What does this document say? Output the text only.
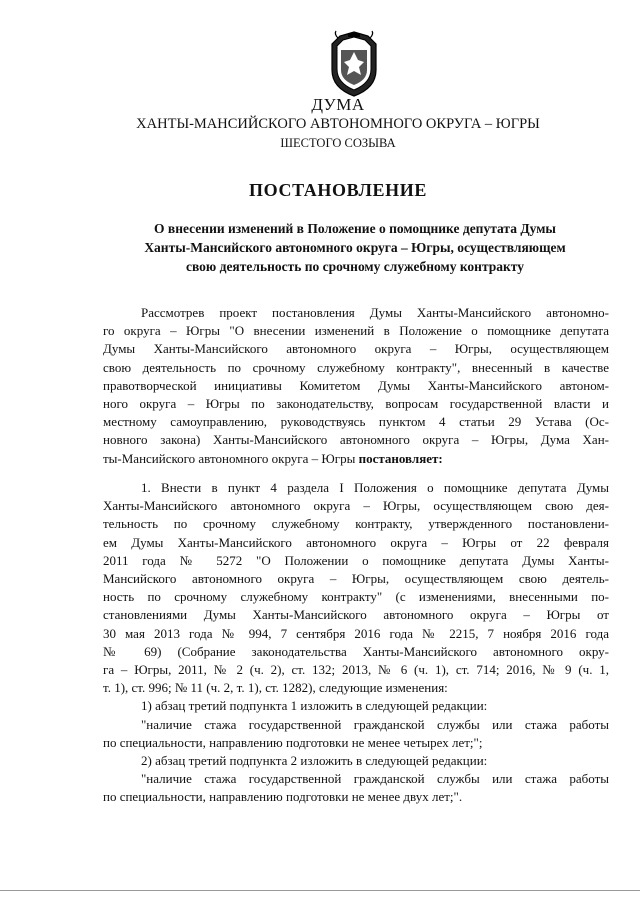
ДУМА
ХАНТЫ-МАНСИЙСКОГО АВТОНОМНОГО ОКРУГА – ЮГРЫ
ШЕСТОГО СОЗЫВА
ПОСТАНОВЛЕНИЕ

О внесении изменений в Положение о помощнике депутата Думы
Ханты-Мансийского автономного округа – Югры, осуществляющем
свою деятельность по срочному служебному контракту

Рассмотрев проект постановления Думы Ханты-Мансийского автономно-
го округа – Югры "О внесении изменений в Положение о помощнике депутата
Думы Ханты-Мансийского автономного округа – Югры, осуществляющем
свою деятельность по срочному служебному контракту", внесенный в качестве
правотворческой инициативы Комитетом Думы Ханты-Мансийского автоном-
ного округа – Югры по законодательству, вопросам государственной власти и
местному самоуправлению, руководствуясь пунктом 4 статьи 29 Устава (Ос-
новного закона) Ханты-Мансийского автономного округа – Югры, Дума Хан-
ты-Мансийского автономного округа – Югры постановляет:

1. Внести в пункт 4 раздела I Положения о помощнике депутата Думы
Ханты-Мансийского автономного округа – Югры, осуществляющем свою дея-
тельность по срочному служебному контракту, утвержденного постановлени-
ем Думы Ханты-Мансийского автономного округа – Югры от 22 февраля
2011 года № 5272 "О Положении о помощнике депутата Думы Ханты-
Мансийского автономного округа – Югры, осуществляющем свою деятель-
ность по срочному служебному контракту" (с изменениями, внесенными по-
становлениями Думы Ханты-Мансийского автономного округа – Югры от
30 мая 2013 года № 994, 7 сентября 2016 года № 2215, 7 ноября 2016 года
№ 69) (Собрание законодательства Ханты-Мансийского автономного окру-
га – Югры, 2011, № 2 (ч. 2), ст. 132; 2013, № 6 (ч. 1), ст. 714; 2016, № 9 (ч. 1,
т. 1), ст. 996; № 11 (ч. 2, т. 1), ст. 1282), следующие изменения:
1) абзац третий подпункта 1 изложить в следующей редакции:
"наличие стажа государственной гражданской службы или стажа работы
по специальности, направлению подготовки не менее четырех лет;";
2) абзац третий подпункта 2 изложить в следующей редакции:
"наличие стажа государственной гражданской службы или стажа работы
по специальности, направлению подготовки не менее двух лет;".
